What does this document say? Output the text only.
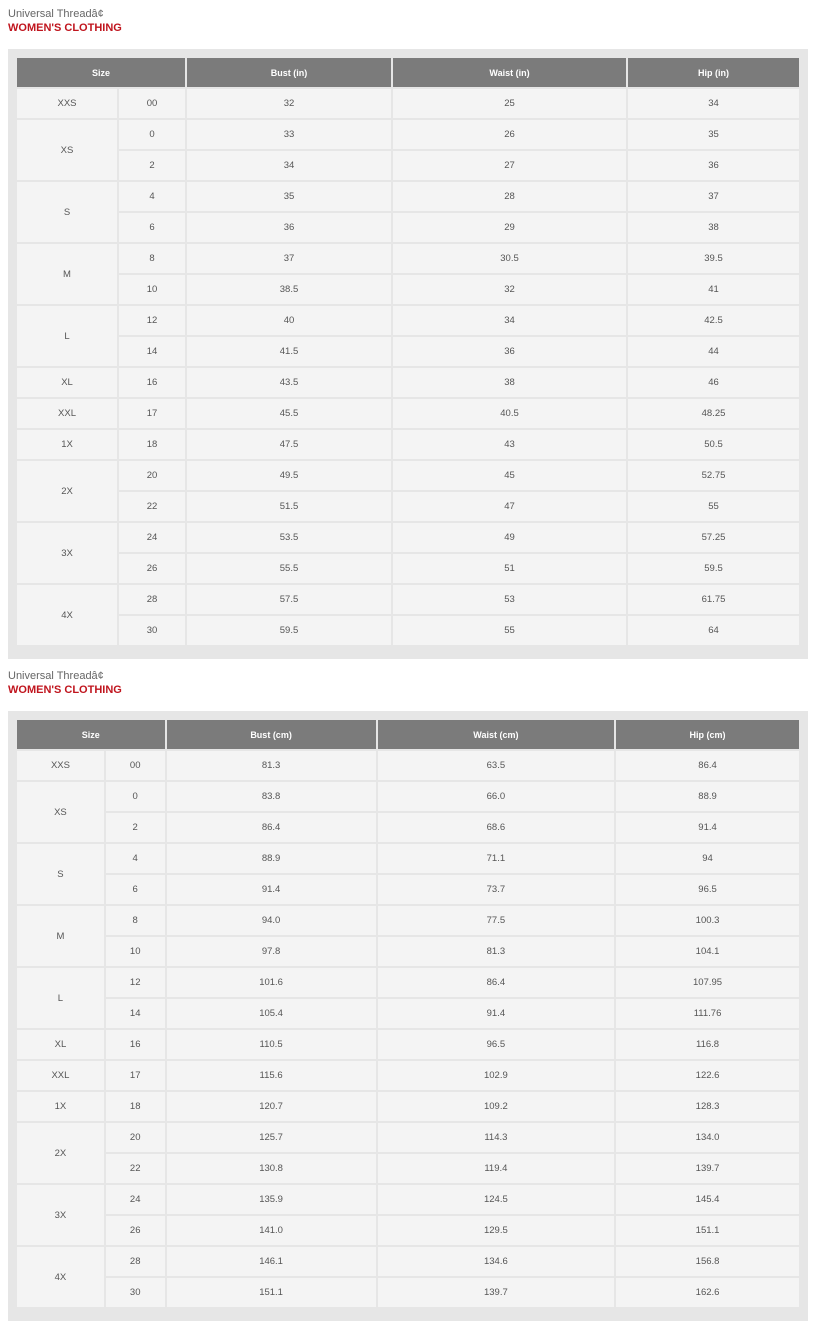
Universal Threadâ¢
WOMEN'S CLOTHING
Size		Bust (in)	Waist (in)	Hip (in)
XXS	00	32	25	34
XS	0	33	26	35
	2	34	27	36
S	4	35	28	37
	6	36	29	38
M	8	37	30.5	39.5
	10	38.5	32	41
L	12	40	34	42.5
	14	41.5	36	44
XL	16	43.5	38	46
XXL	17	45.5	40.5	48.25
1X	18	47.5	43	50.5
2X	20	49.5	45	52.75
	22	51.5	47	55
3X	24	53.5	49	57.25
	26	55.5	51	59.5
4X	28	57.5	53	61.75
	30	59.5	55	64
Universal Threadâ¢
WOMEN'S CLOTHING
Size		Bust (cm)	Waist (cm)	Hip (cm)
XXS	00	81.3	63.5	86.4
XS	0	83.8	66.0	88.9
	2	86.4	68.6	91.4
S	4	88.9	71.1	94
	6	91.4	73.7	96.5
M	8	94.0	77.5	100.3
	10	97.8	81.3	104.1
L	12	101.6	86.4	107.95
	14	105.4	91.4	111.76
XL	16	110.5	96.5	116.8
XXL	17	115.6	102.9	122.6
1X	18	120.7	109.2	128.3
2X	20	125.7	114.3	134.0
	22	130.8	119.4	139.7
3X	24	135.9	124.5	145.4
	26	141.0	129.5	151.1
4X	28	146.1	134.6	156.8
	30	151.1	139.7	162.6
